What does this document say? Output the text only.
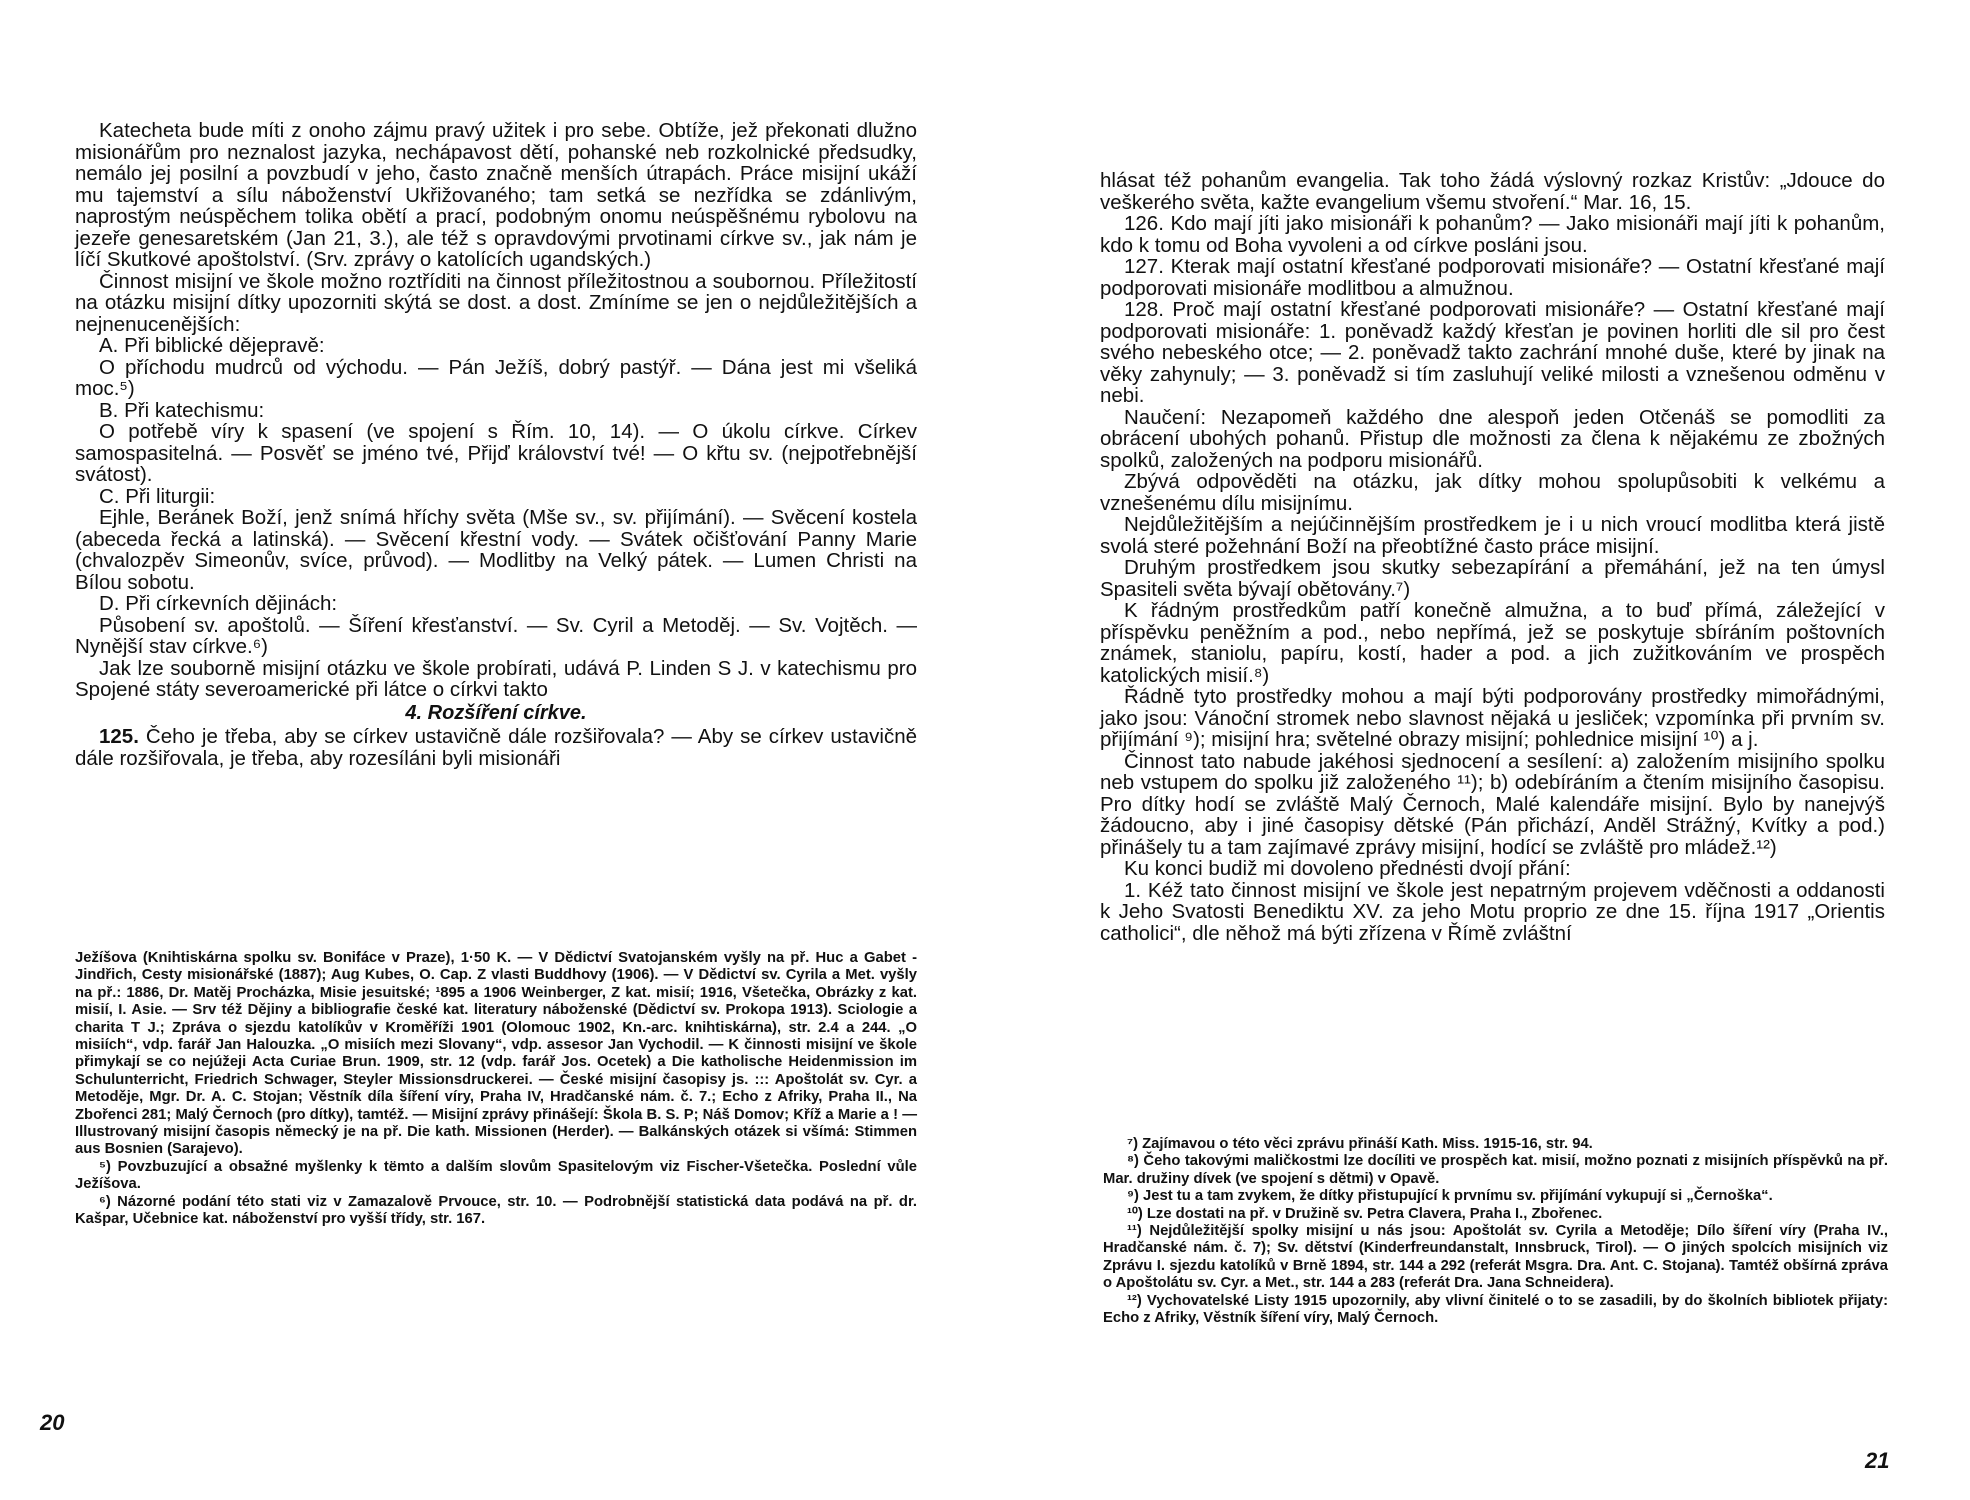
Katecheta bude míti z onoho zájmu pravý užitek i pro sebe. Obtíže, jež překonati dlužno misionářům pro neznalost jazyka, nechápavost dětí, pohanské neb rozkolnické předsudky, nemálo jej posilní a povzbudí v jeho, často značně menších útrapách. Práce misijní ukáží mu tajemství a sílu náboženství Ukřižovaného; tam setká se nezřídka se zdánlivým, naprostým neúspěchem tolika obětí a prací, podobným onomu neúspěšnému rybolovu na jezeře genesaretském (Jan 21, 3.), ale též s opravdovými prvotinami církve sv., jak nám je líčí Skutkové apoštolství. (Srv. zprávy o katolících ugandských.)

Činnost misijní ve škole možno roztříditi na činnost příležitostnou a soubornou. Příležitostí na otázku misijní dítky upozorniti skýtá se dost. a dost. Zmíníme se jen o nejdůležitějších a nejnenucenějších:

A. Při biblické dějepravě:

O příchodu mudrců od východu. — Pán Ježíš, dobrý pastýř. — Dána jest mi všeliká moc.⁵)

B. Při katechismu:

O potřebě víry k spasení (ve spojení s Řím. 10, 14). — O úkolu církve. Církev samospasitelná. — Posvěť se jméno tvé, Přijď království tvé! — O křtu sv. (nejpotřebnější svátost).

C. Při liturgii:

Ejhle, Beránek Boží, jenž snímá hříchy světa (Mše sv., sv. přijímání). — Svěcení kostela (abeceda řecká a latinská). — Svěcení křestní vody. — Svátek očišťování Panny Marie (chvalozpěv Simeonův, svíce, průvod). — Modlitby na Velký pátek. — Lumen Christi na Bílou sobotu.

D. Při církevních dějinách:

Působení sv. apoštolů. — Šíření křesťanství. — Sv. Cyril a Metoděj. — Sv. Vojtěch. — Nynější stav církve.⁶)

Jak lze souborně misijní otázku ve škole probírati, udává P. Linden S J. v katechismu pro Spojené státy severoamerické při látce o církvi takto

4. Rozšíření církve.

125. Čeho je třeba, aby se církev ustavičně dále rozšiřovala? — Aby se církev ustavičně dále rozšiřovala, je třeba, aby rozesíláni byli misionáři

Ježíšova (Knihtiskárna spolku sv. Bonifáce v Praze), 1·50 K. — V Dědictví Svatojanském vyšly na př. Huc a Gabet - Jindřich, Cesty misionářské (1887); Aug Kubes, O. Cap. Z vlasti Buddhovy (1906). — V Dědictví sv. Cyrila a Met. vyšly na př.: 1886, Dr. Matěj Procházka, Misie jesuitské; ¹895 a 1906 Weinberger, Z kat. misií; 1916, Všetečka, Obrázky z kat. misií, I. Asie. — Srv též Dějiny a bibliografie české kat. literatury náboženské (Dědictví sv. Prokopa 1913). Sciologie a charita T J.; Zpráva o sjezdu katolíkův v Kroměříži 1901 (Olomouc 1902, Kn.-arc. knihtiskárna), str. 2.4 a 244. „O misiích“, vdp. farář Jan Halouzka. „O misiích mezi Slovany“, vdp. assesor Jan Vychodil. — K činnosti misijní ve škole přimykají se co nejúžeji Acta Curiae Brun. 1909, str. 12 (vdp. farář Jos. Ocetek) a Die katholische Heidenmission im Schulunterricht, Friedrich Schwager, Steyler Missionsdruckerei. — České misijní časopisy js. ::: Apoštolát sv. Cyr. a Metoděje, Mgr. Dr. A. C. Stojan; Věstník díla šíření víry, Praha IV, Hradčanské nám. č. 7.; Echo z Afriky, Praha II., Na Zbořenci 281; Malý Černoch (pro dítky), tamtéž. — Misijní zprávy přinášejí: Škola B. S. P; Náš Domov; Kříž a Marie a ! — Illustrovaný misijní časopis německý je na př. Die kath. Missionen (Herder). — Balkánských otázek si všímá: Stimmen aus Bosnien (Sarajevo).

⁵) Povzbuzující a obsažné myšlenky k tëmto a dalším slovům Spasitelovým viz Fischer-Všetečka. Poslední vůle Ježíšova.

⁶) Názorné podání této stati viz v Zamazalově Prvouce, str. 10. — Podrobnější statistická data podává na př. dr. Kašpar, Učebnice kat. náboženství pro vyšší třídy, str. 167.

20

hlásat též pohanům evangelia. Tak toho žádá výslovný rozkaz Kristův: „Jdouce do veškerého světa, kažte evangelium všemu stvoření.“ Mar. 16, 15.

126. Kdo mají jíti jako misionáři k pohanům? — Jako misionáři mají jíti k pohanům, kdo k tomu od Boha vyvoleni a od církve posláni jsou.

127. Kterak mají ostatní křesťané podporovati misionáře? — Ostatní křesťané mají podporovati misionáře modlitbou a almužnou.

128. Proč mají ostatní křesťané podporovati misionáře? — Ostatní křesťané mají podporovati misionáře: 1. poněvadž každý křesťan je povinen horliti dle sil pro čest svého nebeského otce; — 2. poněvadž takto zachrání mnohé duše, které by jinak na věky zahynuly; — 3. poněvadž si tím zasluhují veliké milosti a vznešenou odměnu v nebi.

Naučení: Nezapomeň každého dne alespoň jeden Otčenáš se pomodliti za obrácení ubohých pohanů. Přistup dle možnosti za člena k nějakému ze zbožných spolků, založených na podporu misionářů.

Zbývá odpověděti na otázku, jak dítky mohou spolupůsobiti k velkému a vznešenému dílu misijnímu.

Nejdůležitějším a nejúčinnějším prostředkem je i u nich vroucí modlitba která jistě svolá steré požehnání Boží na přeobtížné často práce misijní.

Druhým prostředkem jsou skutky sebezapírání a přemáhání, jež na ten úmysl Spasiteli světa bývají obětovány.⁷)

K řádným prostředkům patří konečně almužna, a to buď přímá, záležející v příspěvku peněžním a pod., nebo nepřímá, jež se poskytuje sbíráním poštovních známek, staniolu, papíru, kostí, hader a pod. a jich zužitkováním ve prospěch katolických misií.⁸)

Řádně tyto prostředky mohou a mají býti podporovány prostředky mimořádnými, jako jsou: Vánoční stromek nebo slavnost nějaká u jesliček; vzpomínka při prvním sv. přijímání ⁹); misijní hra; světelné obrazy misijní; pohlednice misijní ¹⁰) a j.

Činnost tato nabude jakéhosi sjednocení a sesílení: a) založením misijního spolku neb vstupem do spolku již založeného ¹¹); b) odebíráním a čtením misijního časopisu. Pro dítky hodí se zvláště Malý Černoch, Malé kalendáře misijní. Bylo by nanejvýš žádoucno, aby i jiné časopisy dětské (Pán přichází, Anděl Strážný, Kvítky a pod.) přinášely tu a tam zajímavé zprávy misijní, hodící se zvláště pro mládež.¹²)

Ku konci budiž mi dovoleno přednésti dvojí přání:

1. Kéž tato činnost misijní ve škole jest nepatrným projevem vděčnosti a oddanosti k Jeho Svatosti Benediktu XV. za jeho Motu proprio ze dne 15. října 1917 „Orientis catholici“, dle něhož má býti zřízena v Římě zvláštní

⁷) Zajímavou o této věci zprávu přináší Kath. Miss. 1915-16, str. 94.

⁸) Čeho takovými maličkostmi lze docíliti ve prospěch kat. misií, možno poznati z misijních příspěvků na př. Mar. družiny dívek (ve spojení s dětmi) v Opavě.

⁹) Jest tu a tam zvykem, že dítky přistupující k prvnímu sv. přijímání vykupují si „Černoška“.

¹⁰) Lze dostati na př. v Družině sv. Petra Clavera, Praha I., Zbořenec.

¹¹) Nejdůležitější spolky misijní u nás jsou: Apoštolát sv. Cyrila a Metoděje; Dílo šíření víry (Praha IV., Hradčanské nám. č. 7); Sv. dětství (Kinderfreundanstalt, Innsbruck, Tirol). — O jiných spolcích misijních viz Zprávu I. sjezdu katolíků v Brně 1894, str. 144 a 292 (referát Msgra. Dra. Ant. C. Stojana). Tamtéž obšírná zpráva o Apoštolátu sv. Cyr. a Met., str. 144 a 283 (referát Dra. Jana Schneidera).

¹²) Vychovatelské Listy 1915 upozornily, aby vlivní činitelé o to se zasadili, by do školních bibliotek přijaty: Echo z Afriky, Věstník šíření víry, Malý Černoch.

21
